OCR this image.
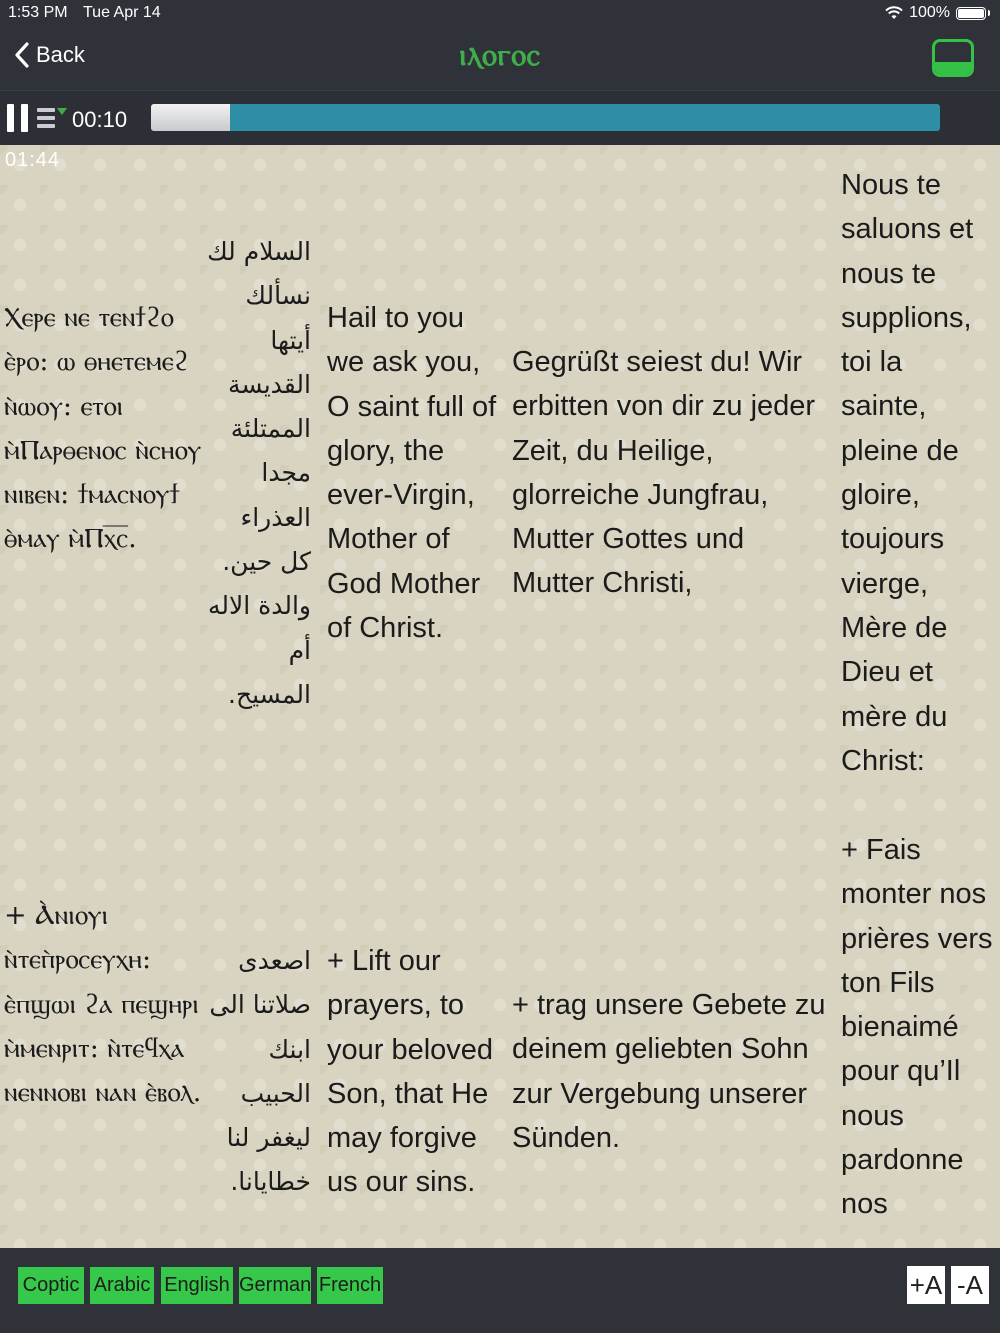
1:53 PM Tue Apr 14	100%
Back	ⲓⲗⲟⲅⲟⲥ
00:10
01:44
Ⲭⲉⲣⲉ ⲛⲉ ⲧⲉⲛϯϩⲟ ⲉ̀ⲣⲟ: ⲱ ⲑⲏⲉⲧⲉⲙⲉϩ ⲛ̀ⲱⲟⲩ: ⲉⲧⲟⲓ ⲙ̀Ⲡⲁⲣⲑⲉⲛⲟⲥ ⲛ̀ⲥⲏⲟⲩ ⲛⲓⲃⲉⲛ: ϯⲙⲁⲥⲛⲟⲩϯ ⲑ̀ⲙⲁⲩ ⲙ̀Ⲡⲭ̅ⲥ̅.
السلام لك نسألك أيتها القديسة الممتلئة مجدا العذراء كل حين. والدة الاله أم المسيح.
Hail to you we ask you, O saint full of glory, the ever-Virgin, Mother of God Mother of Christ.
Gegrüßt seiest du! Wir erbitten von dir zu jeder Zeit, du Heilige, glorreiche Jungfrau, Mutter Gottes und Mutter Christi,
Nous te saluons et nous te supplions, toi la sainte, pleine de gloire, toujours vierge, Mère de Dieu et mère du Christ:
+ Ⲁ̀ⲛⲓⲟⲩⲓ ⲛ̀ⲧⲉⲡ̀ⲣⲟⲥⲉⲩⲭⲏ: ⲉ̀ⲡϣⲱⲓ ϩⲁ ⲡⲉϣⲏⲣⲓ ⲙ̀ⲙⲉⲛⲣⲓⲧ: ⲛ̀ⲧⲉϥⲭⲁ ⲛⲉⲛⲛⲟⲃⲓ ⲛⲁⲛ ⲉ̀ⲃⲟⲗ.
اصعدى صلاتنا الى ابنك الحبيب ليغفر لنا خطايانا.
+ Lift our prayers, to your beloved Son, that He may forgive us our sins.
+ trag unsere Gebete zu deinem geliebten Sohn zur Vergebung unserer Sünden.
+ Fais monter nos prières vers ton Fils bienaimé pour qu’Il nous pardonne nos
Coptic Arabic English German French	+A -A
